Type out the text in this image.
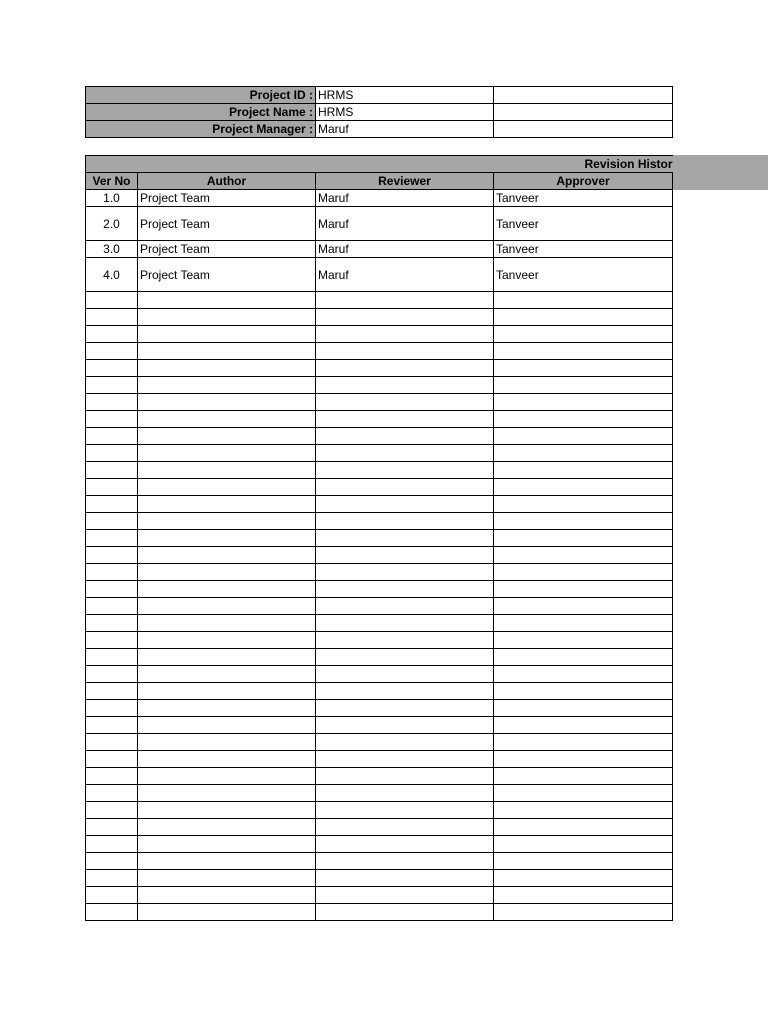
Project ID :	HRMS	
Project Name :	HRMS	
Project Manager :	Maruf	
Revision Histor			
Ver No	Author	Reviewer	Approver
1.0	Project Team	Maruf	Tanveer
2.0	Project Team	Maruf	Tanveer
3.0	Project Team	Maruf	Tanveer
4.0	Project Team	Maruf	Tanveer
